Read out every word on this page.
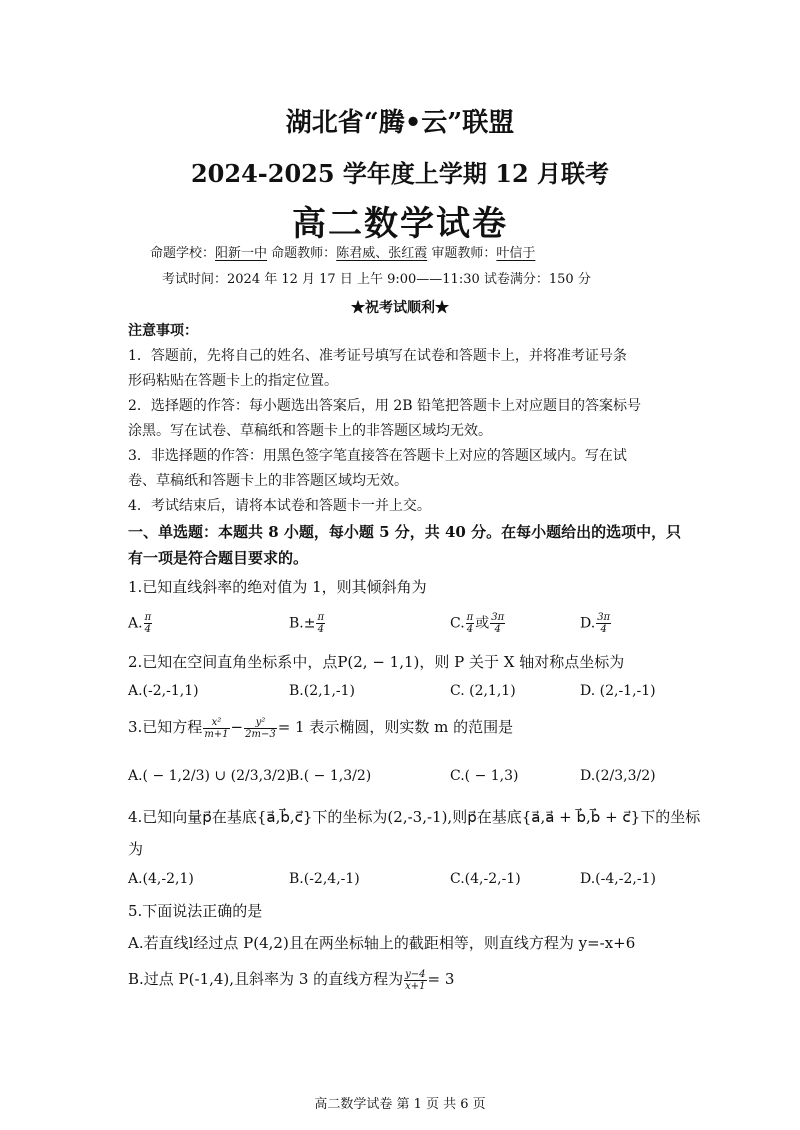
湖北省“腾•云”联盟
2024-2025 学年度上学期 12 月联考
高二数学试卷
命题学校：阳新一中 命题教师：陈君威、张红霞 审题教师：叶信于
考试时间：2024 年 12 月 17 日 上午 9:00——11:30 试卷满分：150 分
★祝考试顺利★
注意事项：
1．答题前，先将自己的姓名、准考证号填写在试卷和答题卡上，并将准考证号条
形码粘贴在答题卡上的指定位置。
2．选择题的作答：每小题选出答案后，用 2B 铅笔把答题卡上对应题目的答案标号
涂黑。写在试卷、草稿纸和答题卡上的非答题区域均无效。
3．非选择题的作答：用黑色签字笔直接答在答题卡上对应的答题区域内。写在试
卷、草稿纸和答题卡上的非答题区域均无效。
4．考试结束后，请将本试卷和答题卡一并上交。
一、单选题：本题共 8 小题，每小题 5 分，共 40 分。在每小题给出的选项中，只
有一项是符合题目要求的。
1.已知直线斜率的绝对值为 1，则其倾斜角为
A. $\frac{\pi}{4}$	$B.\pm \frac{\pi}{4}$	C. $\frac{\pi}{4}$ 或 $\frac{3\pi}{4}$	D. $\frac{3\pi}{4}$
2.已知在空间直角坐标系中，点P(2, − 1,1)，则 P 关于 X 轴对称点坐标为
A.(-2,-1,1)	B.(2,1,-1)	C. (2,1,1)	D. (2,-1,-1)
3.已知方程 $\frac{\text{x²}}{m+1} - \frac{\text{y²}}{2m-3} = 1$ 表示椭圆，则实数 m 的范围是
A.( − 1,2/3) ∪ (2/3,3/2)
B.( − 1,3/2)	C.( − 1,3)	D.(2/3,3/2)
4.已知向量p⃗在基底{a⃗,b⃗,c⃗}下的坐标为(2,-3,-1),则p⃗在基底{a⃗,a⃗ + b⃗,b⃗ + c⃗}下的坐标
为
A.(4,-2,1)	B.(-2,4,-1)	C.(4,-2,-1)	D.(-4,-2,-1)
5.下面说法正确的是
A.若直线l经过点 P(4,2)且在两坐标轴上的截距相等，则直线方程为 y=-x+6
B.过点 P(-1,4),且斜率为 3 的直线方程为 $\frac{y-4}{x+1} = 3$
高二数学试卷 第 1 页 共 6 页
